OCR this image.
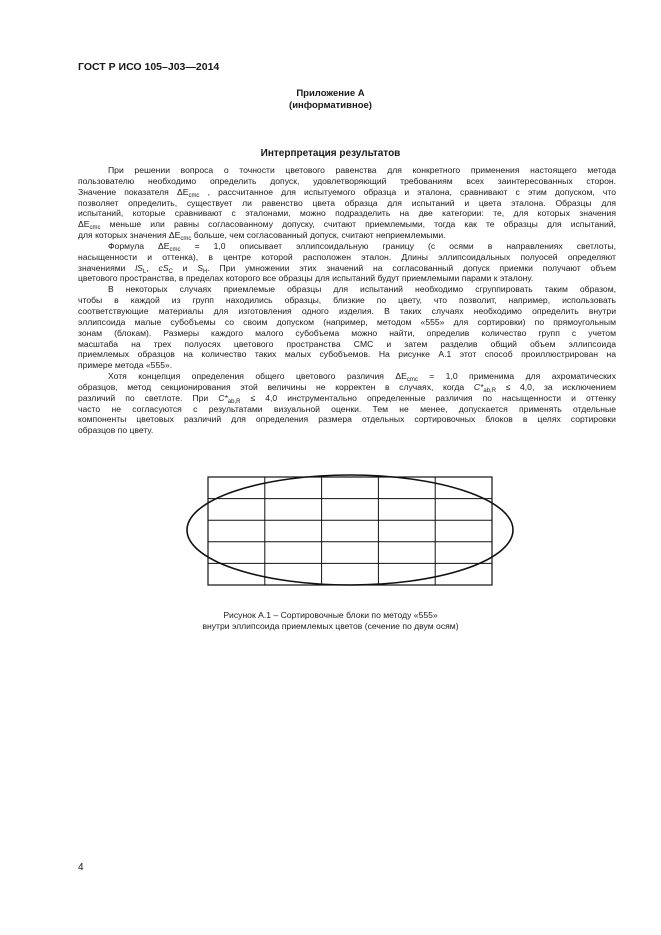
ГОСТ Р ИСО 105–J03—2014
Приложение А
(информативное)
Интерпретация результатов
При решении вопроса о точности цветового равенства для конкретного применения настоящего метода
пользователю необходимо определить допуск, удовлетворяющий требованиям всех заинтересованных сторон.
Значение показателя $\Delta E_{cmc}$ , рассчитанное для испытуемого образца и эталона, сравнивают с этим допуском, что
позволяет определить, существует ли равенство цвета образца для испытаний и цвета эталона. Образцы для
испытаний, которые сравнивают с эталонами, можно подразделить на две категории: те, для которых значения
$\Delta E_{cmc}$ меньше или равны согласованному допуску, считают приемлемыми, тогда как те образцы для испытаний,
для которых значения $\Delta E_{cmc}$ больше, чем согласованный допуск, считают неприемлемыми.
Формула $\Delta E_{cmc} = 1,0$ описывает эллипсоидальную границу (с осями в направлениях светлоты,
насыщенности и оттенка), в центре которой расположен эталон. Длины эллипсоидальных полуосей определяют
значениями $lS_L$, $cS_C$ и $S_H$. При умножении этих значений на согласованный допуск приемки получают объем
цветового пространства, в пределах которого все образцы для испытаний будут приемлемыми парами к эталону.
В некоторых случаях приемлемые образцы для испытаний необходимо сгруппировать таким образом,
чтобы в каждой из групп находились образцы, близкие по цвету, что позволит, например, использовать
соответствующие материалы для изготовления одного изделия. В таких случаях необходимо определить внутри
эллипсоида малые субобъемы со своим допуском (например, методом «555» для сортировки) по прямоугольным
зонам (блокам). Размеры каждого малого субобъема можно найти, определив количество групп с учетом
масштаба на трех полуосях цветового пространства CMC и затем разделив общий объем эллипсоида
приемлемых образцов на количество таких малых субобъемов. На рисунке А.1 этот способ проиллюстрирован на
примере метода «555».
Хотя концепция определения общего цветового различия $\Delta E_{cmc} = 1,0$ применима для ахроматических
образцов, метод секционирования этой величины не корректен в случаях, когда $C*_{ab,R} \le 4,0$, за исключением
различий по светлоте. При $C*_{ab,R} \le 4,0$ инструментально определенные различия по насыщенности и оттенку
часто не согласуются с результатами визуальной оценки. Тем не менее, допускается применять отдельные
компоненты цветовых различий для определения размера отдельных сортировочных блоков в целях сортировки
образцов по цвету.
Рисунок А.1 – Сортировочные блоки по методу «555»
внутри эллипсоида приемлемых цветов (сечение по двум осям)
4
